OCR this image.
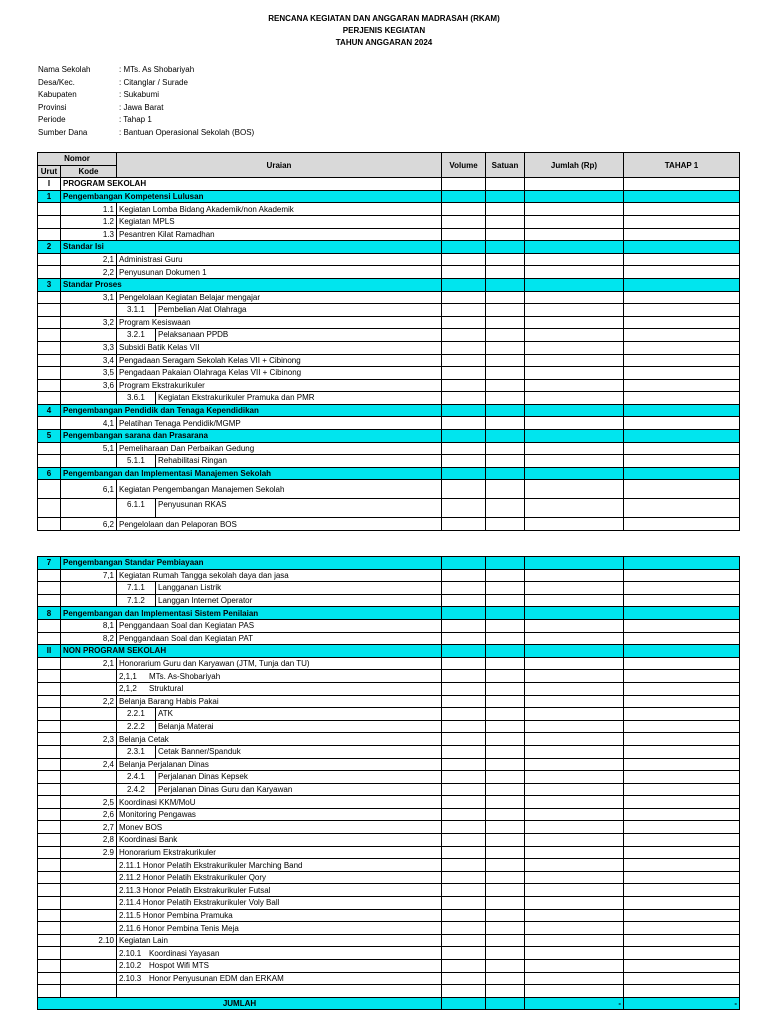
RENCANA KEGIATAN DAN ANGGARAN MADRASAH (RKAM)
PERJENIS KEGIATAN
TAHUN ANGGARAN 2024
Nama Sekolah	: MTs. As Shobariyah
Desa/Kec.	: Citanglar / Surade
Kabupaten	: Sukabumi
Provinsi	: Jawa Barat
Periode	: Tahap 1
Sumber Dana	: Bantuan Operasional Sekolah (BOS)
Nomor		Uraian	Volume	Satuan	Jumlah (Rp)	TAHAP 1
Urut	Kode					
I	PROGRAM SEKOLAH					
1	Pengembangan Kompetensi Lulusan					
	1.1	Kegiatan Lomba Bidang Akademik/non Akademik				
	1.2	Kegiatan MPLS				
	1.3	Pesantren Kilat Ramadhan				
2	Standar Isi					
	2,1	Administrasi Guru				
	2,2	Penyusunan Dokumen 1				
3	Standar Proses					
	3,1	Pengelolaan Kegiatan Belajar mengajar				

		3.1.1 Pembelian Alat Olahraga				

	3,2	Program Kesiswaan				

		3.2.1 Pelaksanaan PPDB				

	3,3	Subsidi Batik Kelas VII				
	3,4	Pengadaan Seragam Sekolah Kelas VII + Cibinong				
	3,5	Pengadaan Pakaian Olahraga Kelas VII + Cibinong				
	3,6	Program Ekstrakurikuler				

		3.6.1 Kegiatan Ekstrakurikuler Pramuka dan PMR				

4	Pengembangan Pendidik dan Tenaga Kependidikan					
	4,1	Pelatihan Tenaga Pendidik/MGMP				
5	Pengembangan sarana dan Prasarana					
	5,1	Pemeliharaan Dan Perbaikan Gedung				

		5.1.1 Rehabilitasi Ringan				

6	Pengembangan dan Implementasi Manajemen Sekolah					
	6,1	Kegiatan Pengembangan Manajemen Sekolah				

		6.1.1 Penyusunan RKAS				

	6,2	Pengelolaan dan Pelaporan BOS				
7	Pengembangan Standar Pembiayaan					
	7,1	Kegiatan Rumah Tangga sekolah daya dan jasa				

		7.1.1 Langganan Listrik				

		7.1.2 Langgan Internet Operator				

8	Pengembangan dan Implementasi Sistem Penilaian					
	8,1	Penggandaan Soal dan Kegiatan PAS				
	8,2	Penggandaan Soal dan Kegiatan PAT				
II	NON PROGRAM SEKOLAH					
	2,1	Honorarium Guru dan Karyawan (JTM, Tunja dan TU)				
		2,1,1 MTs. As-Shobariyah				
		2,1,2 Struktural				
	2,2	Belanja Barang Habis Pakai				

		2.2.1 ATK				

		2.2.2 Belanja Materai				

	2,3	Belanja Cetak				

		2.3.1 Cetak Banner/Spanduk				

	2,4	Belanja Perjalanan Dinas				

		2.4.1 Perjalanan Dinas Kepsek				

		2.4.2 Perjalanan Dinas Guru dan Karyawan				

	2,5	Koordinasi KKM/MoU				
	2,6	Monitoring Pengawas				
	2,7	Monev BOS				
	2,8	Koordinasi Bank				
	2.9	Honorarium Ekstrakurikuler				
		2.11.1 Honor Pelatih Ekstrakurikuler Marching Band				
		2.11.2 Honor Pelatih Ekstrakurikuler Qory				
		2.11.3 Honor Pelatih Ekstrakurikuler Futsal				
		2.11.4 Honor Pelatih Ekstrakurikuler Voly Ball				
		2.11.5 Honor Pembina Pramuka				
		2.11.6 Honor Pembina Tenis Meja				
	2.10	Kegiatan Lain				
		2.10.1 Koordinasi Yayasan				
		2.10.2 Hospot Wifi MTS				
		2.10.3 Honor Penyusunan EDM dan ERKAM				

JUMLAH					-	-
